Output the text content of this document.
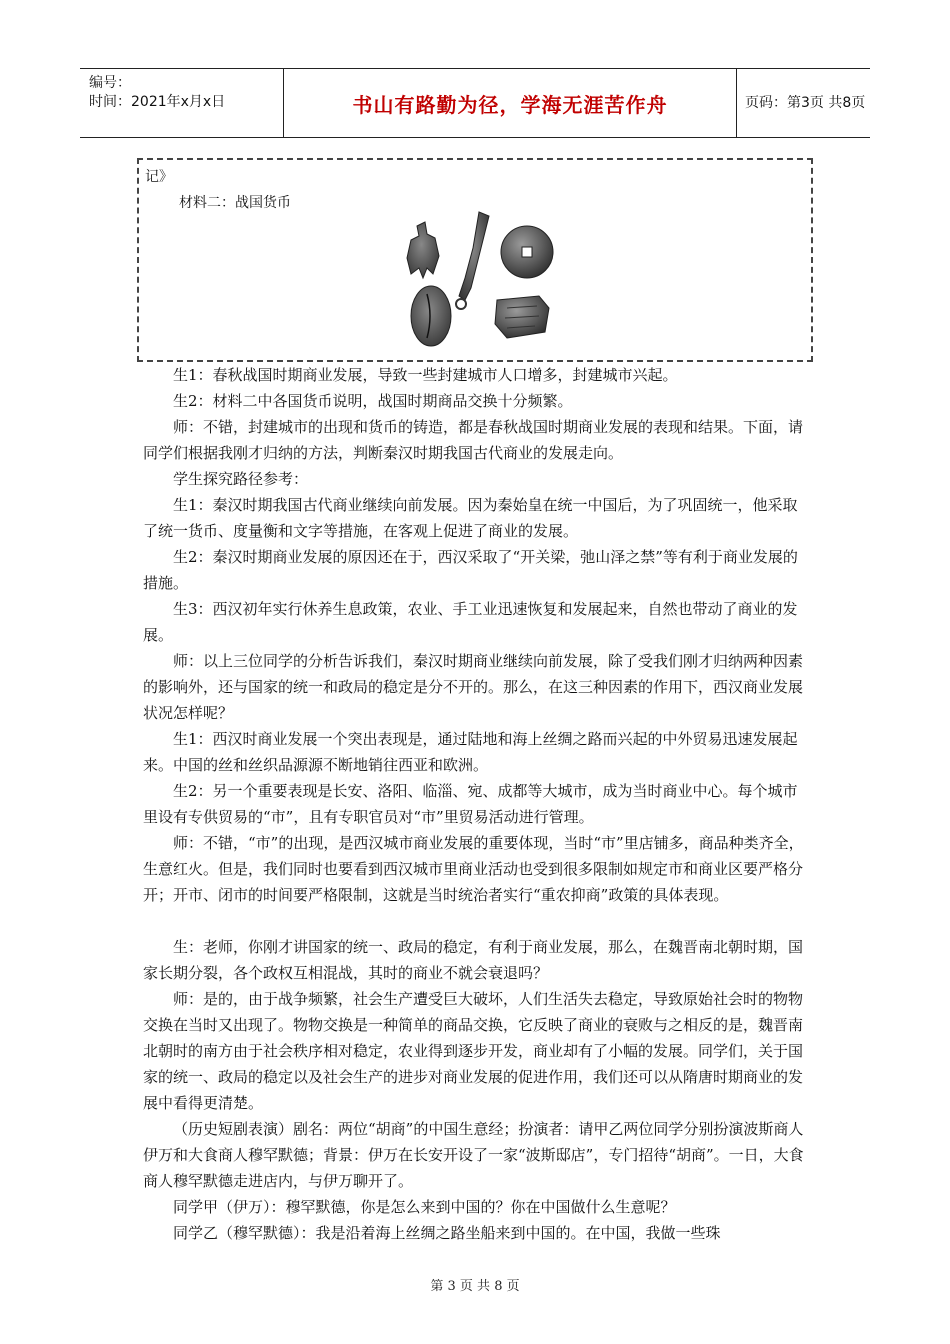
编号：
时间：2021年x月x日	书山有路勤为径，学海无涯苦作舟	页码：第3页 共8页
记》
材料二：战国货币

生1：春秋战国时期商业发展，导致一些封建城市人口增多，封建城市兴起。

生2：材料二中各国货币说明，战国时期商品交换十分频繁。

师：不错，封建城市的出现和货币的铸造，都是春秋战国时期商业发展的表现和结果。下面，请同学们根据我刚才归纳的方法，判断秦汉时期我国古代商业的发展走向。

学生探究路径参考：

生1：秦汉时期我国古代商业继续向前发展。因为秦始皇在统一中国后，为了巩固统一，他采取了统一货币、度量衡和文字等措施，在客观上促进了商业的发展。

生2：秦汉时期商业发展的原因还在于，西汉采取了“开关梁，弛山泽之禁”等有利于商业发展的措施。

生3：西汉初年实行休养生息政策，农业、手工业迅速恢复和发展起来，自然也带动了商业的发展。

师：以上三位同学的分析告诉我们，秦汉时期商业继续向前发展，除了受我们刚才归纳两种因素的影响外，还与国家的统一和政局的稳定是分不开的。那么，在这三种因素的作用下，西汉商业发展状况怎样呢？

生1：西汉时商业发展一个突出表现是，通过陆地和海上丝绸之路而兴起的中外贸易迅速发展起来。中国的丝和丝织品源源不断地销往西亚和欧洲。

生2：另一个重要表现是长安、洛阳、临淄、宛、成都等大城市，成为当时商业中心。每个城市里设有专供贸易的“市”，且有专职官员对“市”里贸易活动进行管理。

师：不错，“市”的出现，是西汉城市商业发展的重要体现，当时“市”里店铺多，商品种类齐全，生意红火。但是，我们同时也要看到西汉城市里商业活动也受到很多限制如规定市和商业区要严格分开；开市、闭市的时间要严格限制，这就是当时统治者实行“重农抑商”政策的具体表现。

生：老师，你刚才讲国家的统一、政局的稳定，有利于商业发展，那么，在魏晋南北朝时期，国家长期分裂，各个政权互相混战，其时的商业不就会衰退吗？

师：是的，由于战争频繁，社会生产遭受巨大破坏，人们生活失去稳定，导致原始社会时的物物交换在当时又出现了。物物交换是一种简单的商品交换，它反映了商业的衰败与之相反的是，魏晋南北朝时的南方由于社会秩序相对稳定，农业得到逐步开发，商业却有了小幅的发展。同学们，关于国家的统一、政局的稳定以及社会生产的进步对商业发展的促进作用，我们还可以从隋唐时期商业的发展中看得更清楚。

（历史短剧表演）剧名：两位“胡商”的中国生意经；扮演者：请甲乙两位同学分别扮演波斯商人伊万和大食商人穆罕默德；背景：伊万在长安开设了一家“波斯邸店”，专门招待“胡商”。一日，大食商人穆罕默德走进店内，与伊万聊开了。

同学甲（伊万）：穆罕默德，你是怎么来到中国的？你在中国做什么生意呢？

同学乙（穆罕默德）：我是沿着海上丝绸之路坐船来到中国的。在中国，我做一些珠

第 3 页 共 8 页
